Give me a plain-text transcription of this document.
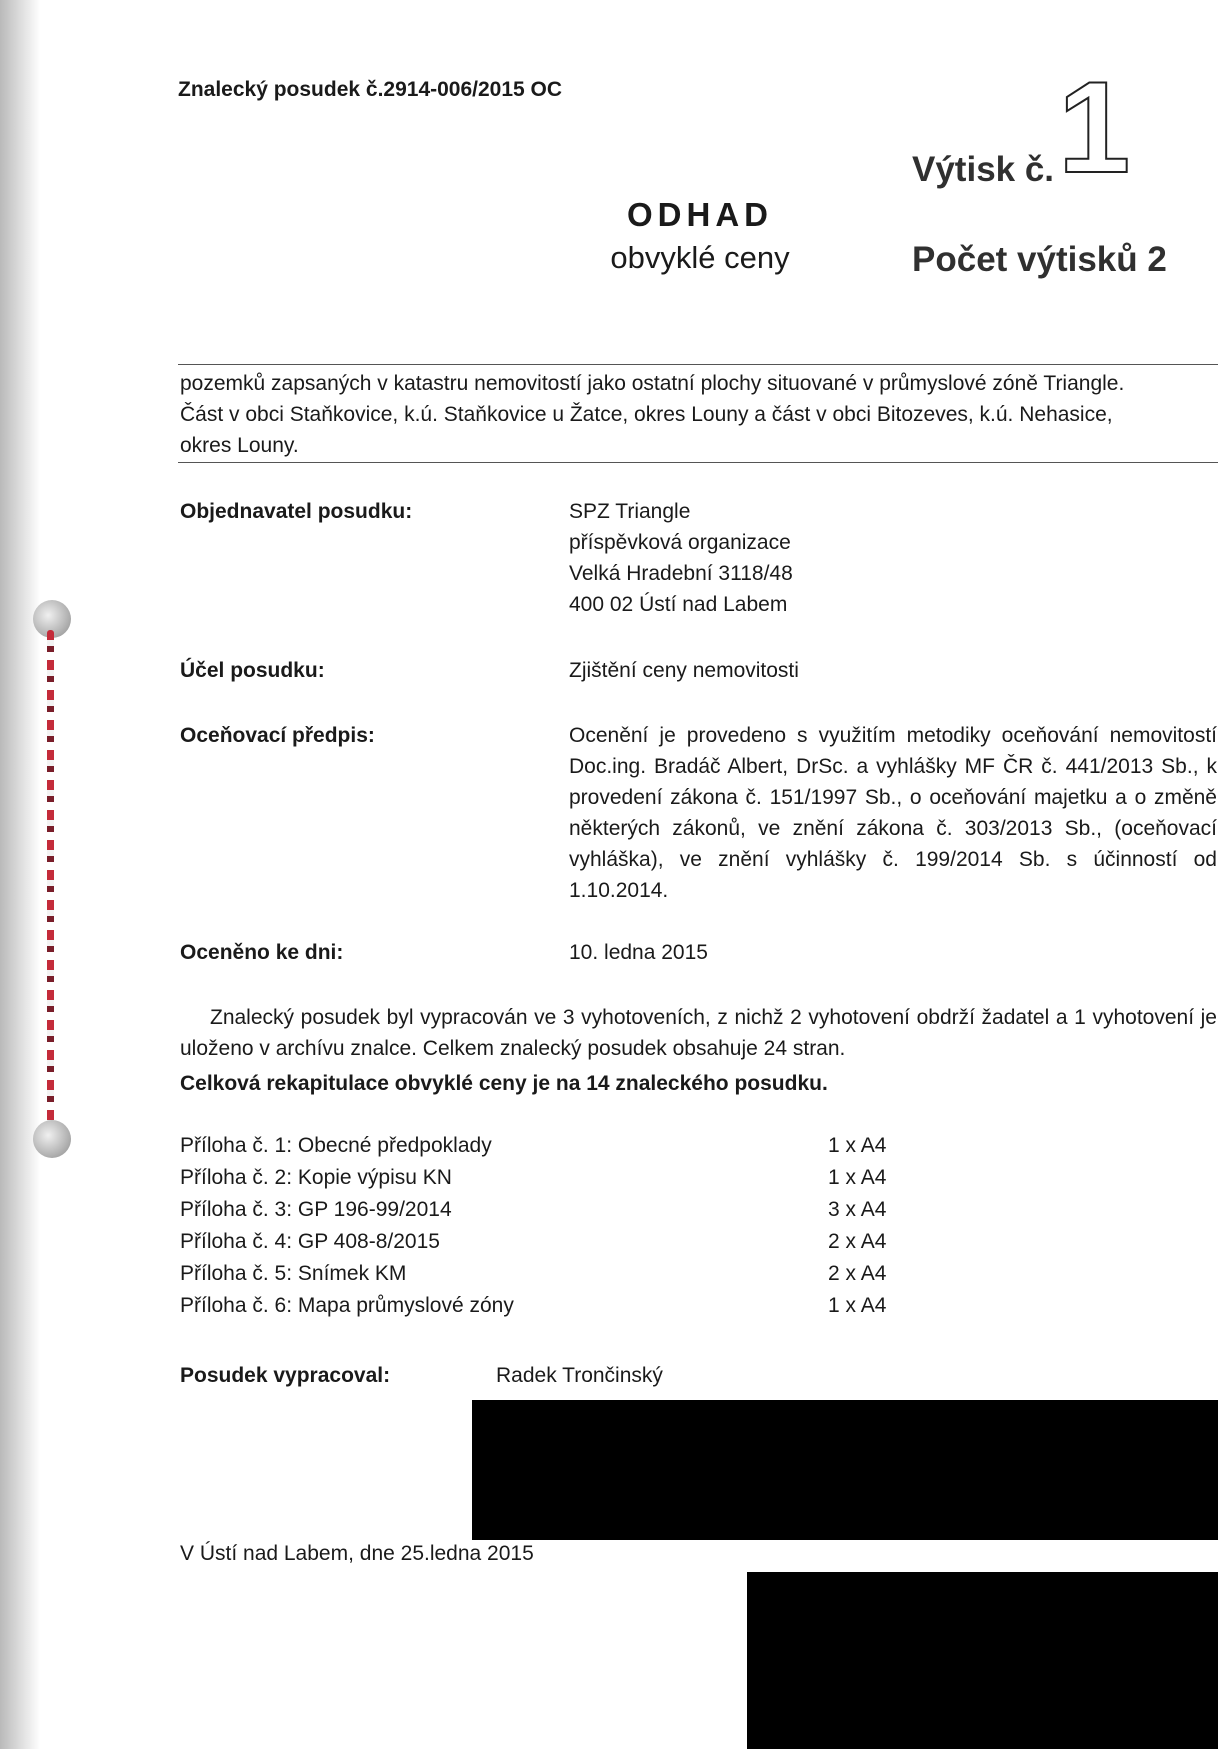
Znalecký posudek č.2914-006/2015 OC
ODHAD
obvyklé ceny
Výtisk č. 1
Počet výtisků 2
pozemků zapsaných v katastru nemovitostí jako ostatní plochy situované v průmyslové zóně Triangle.
Část v obci Staňkovice, k.ú. Staňkovice u Žatce, okres Louny a část v obci Bitozeves, k.ú. Nehasice,
okres Louny.
Objednavatel posudku:	SPZ Triangle
příspěvková organizace
Velká Hradební 3118/48
400 02 Ústí nad Labem
Účel posudku:	Zjištění ceny nemovitosti
Oceňovací předpis:	Ocenění je provedeno s využitím metodiky oceňování nemovitostí Doc.ing. Bradáč Albert, DrSc. a vyhlášky MF ČR č. 441/2013 Sb., k provedení zákona č. 151/1997 Sb., o oceňování majetku a o změně některých zákonů, ve znění zákona č. 303/2013 Sb., (oceňovací vyhláška), ve znění vyhlášky č. 199/2014 Sb. s účinností od 1.10.2014.
Oceněno ke dni:	10. ledna 2015
Znalecký posudek byl vypracován ve 3 vyhotoveních, z nichž 2 vyhotovení obdrží žadatel a 1 vyhotovení je uloženo v archívu znalce. Celkem znalecký posudek obsahuje 24 stran.
Celková rekapitulace obvyklé ceny je na 14 znaleckého posudku.
Příloha č. 1: Obecné předpoklady	1 x A4
Příloha č. 2: Kopie výpisu KN	1 x A4
Příloha č. 3: GP 196-99/2014	3 x A4
Příloha č. 4: GP 408-8/2015	2 x A4
Příloha č. 5: Snímek KM	2 x A4
Příloha č. 6: Mapa průmyslové zóny	1 x A4
Posudek vypracoval:	Radek Trončinský
V Ústí nad Labem, dne 25.ledna 2015
